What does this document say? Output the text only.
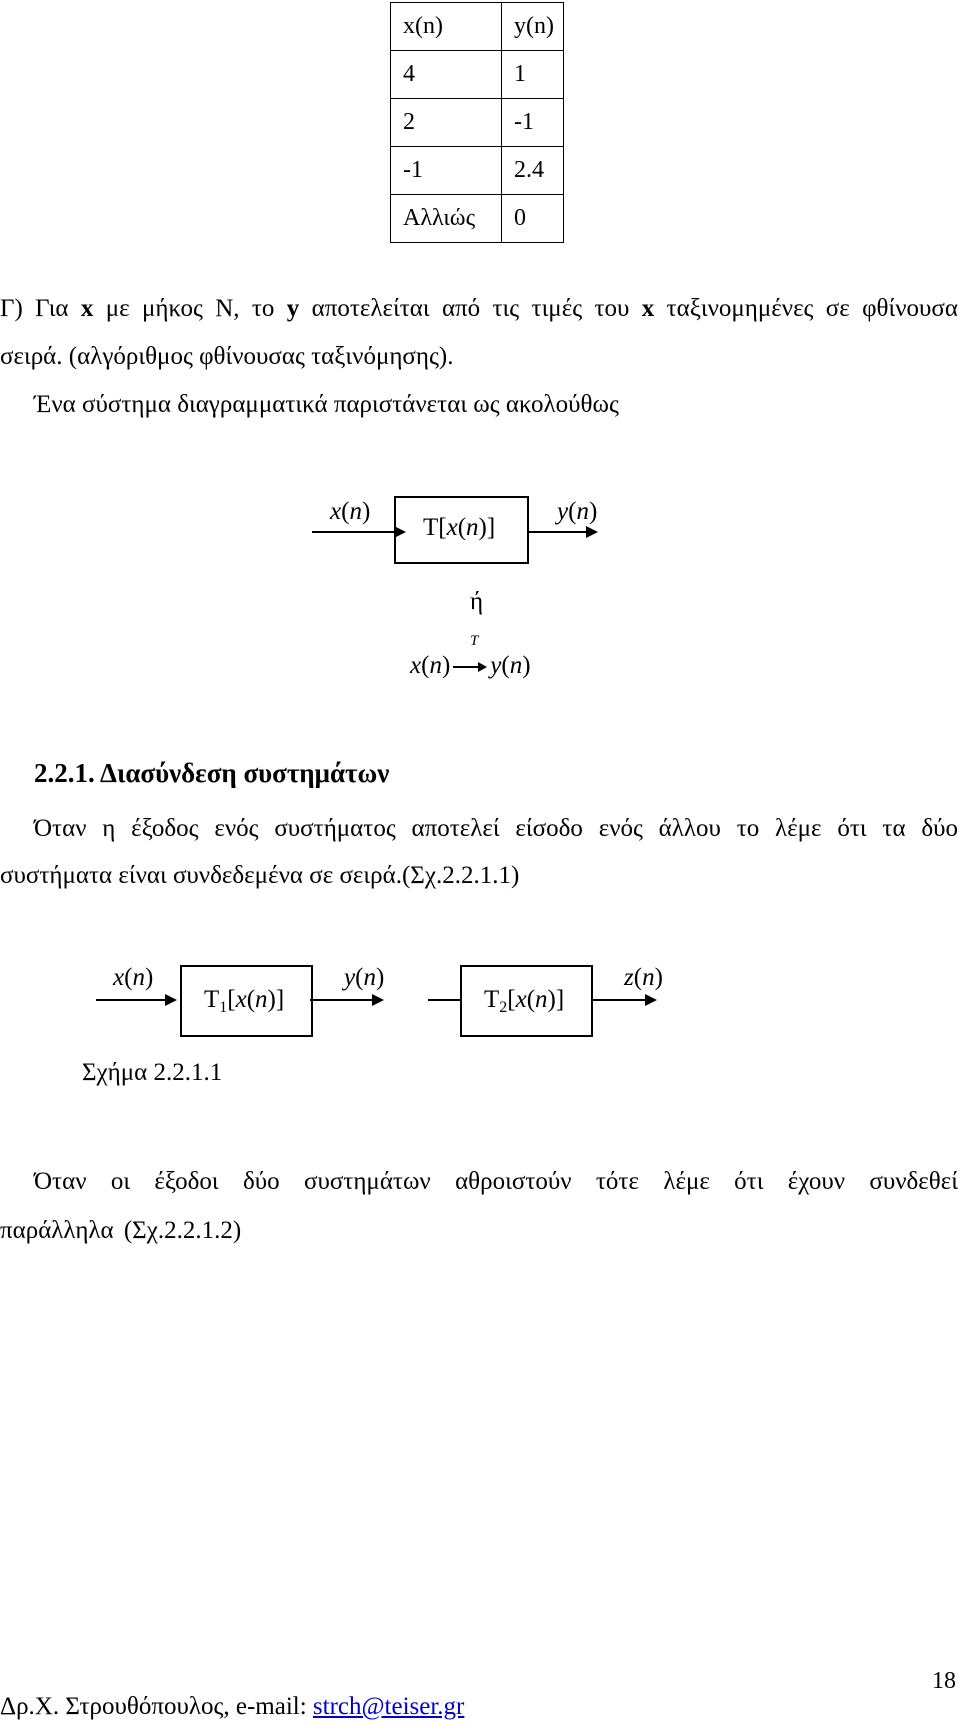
x(n)	y(n)
4	1
2	-1
-1	2.4
Αλλιώς	0
Γ) Για x με μήκος Ν, το y αποτελείται από τις τιμές του x ταξινομημένες σε φθίνουσα
σειρά. (αλγόριθμος φθίνουσας ταξινόμησης).
Ένα σύστημα διαγραμματικά παριστάνεται ως ακολούθως
x(n)
T[x(n)]
y(n)
ή
T
x(n) y(n)
2.2.1. Διασύνδεση συστημάτων
Όταν η έξοδος ενός συστήματος αποτελεί είσοδο ενός άλλου το λέμε ότι τα δύο
συστήματα είναι συνδεδεμένα σε σειρά.(Σχ.2.2.1.1)
x(n)
$T_1[x(n)]$
y(n)
$T_2[x(n)]$
z(n)
Σχήμα 2.2.1.1
Όταν οι έξοδοι δύο συστημάτων αθροιστούν τότε λέμε ότι έχουν συνδεθεί
παράλληλα (Σχ.2.2.1.2)
18
Δρ.Χ. Στρουθόπουλος, e-mail: strch@teiser.gr
